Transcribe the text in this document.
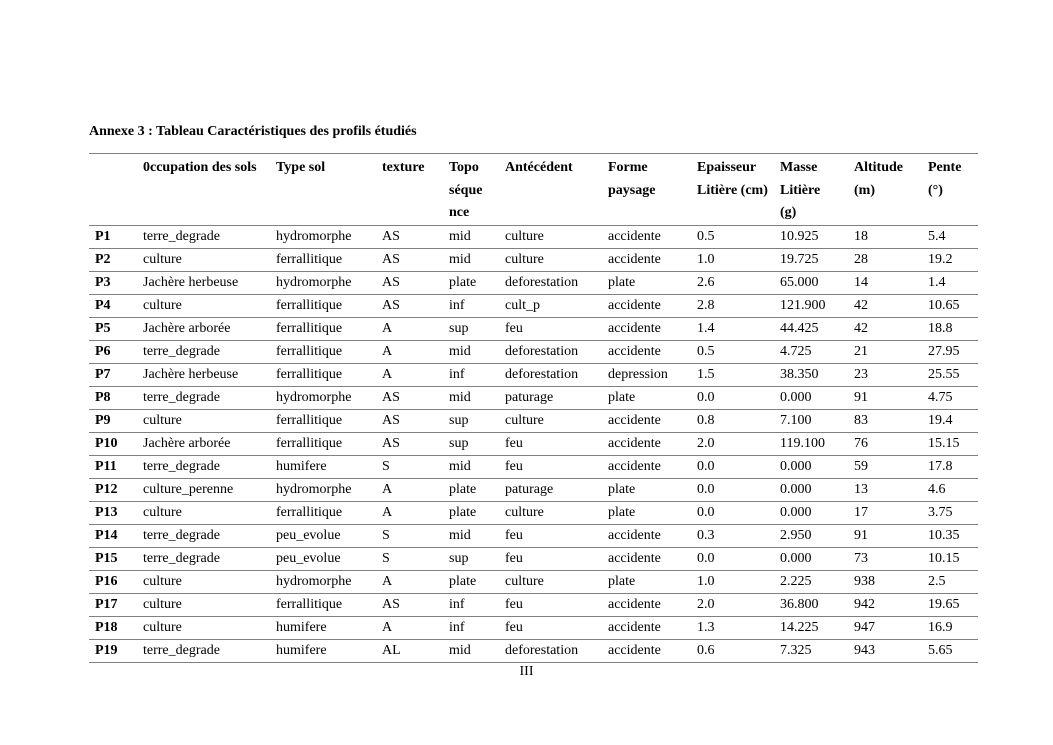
Annexe 3 : Tableau Caractéristiques des profils étudiés
	0ccupation des sols	Type sol	texture	Topo séque nce	Antécédent	Forme paysage	Epaisseur Litière (cm)	Masse Litière (g)	Altitude (m)	Pente (°)
P1	terre_degrade	hydromorphe	AS	mid	culture	accidente	0.5	10.925	18	5.4
P2	culture	ferrallitique	AS	mid	culture	accidente	1.0	19.725	28	19.2
P3	Jachère herbeuse	hydromorphe	AS	plate	deforestation	plate	2.6	65.000	14	1.4
P4	culture	ferrallitique	AS	inf	cult_p	accidente	2.8	121.900	42	10.65
P5	Jachère arborée	ferrallitique	A	sup	feu	accidente	1.4	44.425	42	18.8
P6	terre_degrade	ferrallitique	A	mid	deforestation	accidente	0.5	4.725	21	27.95
P7	Jachère herbeuse	ferrallitique	A	inf	deforestation	depression	1.5	38.350	23	25.55
P8	terre_degrade	hydromorphe	AS	mid	paturage	plate	0.0	0.000	91	4.75
P9	culture	ferrallitique	AS	sup	culture	accidente	0.8	7.100	83	19.4
P10	Jachère arborée	ferrallitique	AS	sup	feu	accidente	2.0	119.100	76	15.15
P11	terre_degrade	humifere	S	mid	feu	accidente	0.0	0.000	59	17.8
P12	culture_perenne	hydromorphe	A	plate	paturage	plate	0.0	0.000	13	4.6
P13	culture	ferrallitique	A	plate	culture	plate	0.0	0.000	17	3.75
P14	terre_degrade	peu_evolue	S	mid	feu	accidente	0.3	2.950	91	10.35
P15	terre_degrade	peu_evolue	S	sup	feu	accidente	0.0	0.000	73	10.15
P16	culture	hydromorphe	A	plate	culture	plate	1.0	2.225	938	2.5
P17	culture	ferrallitique	AS	inf	feu	accidente	2.0	36.800	942	19.65
P18	culture	humifere	A	inf	feu	accidente	1.3	14.225	947	16.9
P19	terre_degrade	humifere	AL	mid	deforestation	accidente	0.6	7.325	943	5.65
III
